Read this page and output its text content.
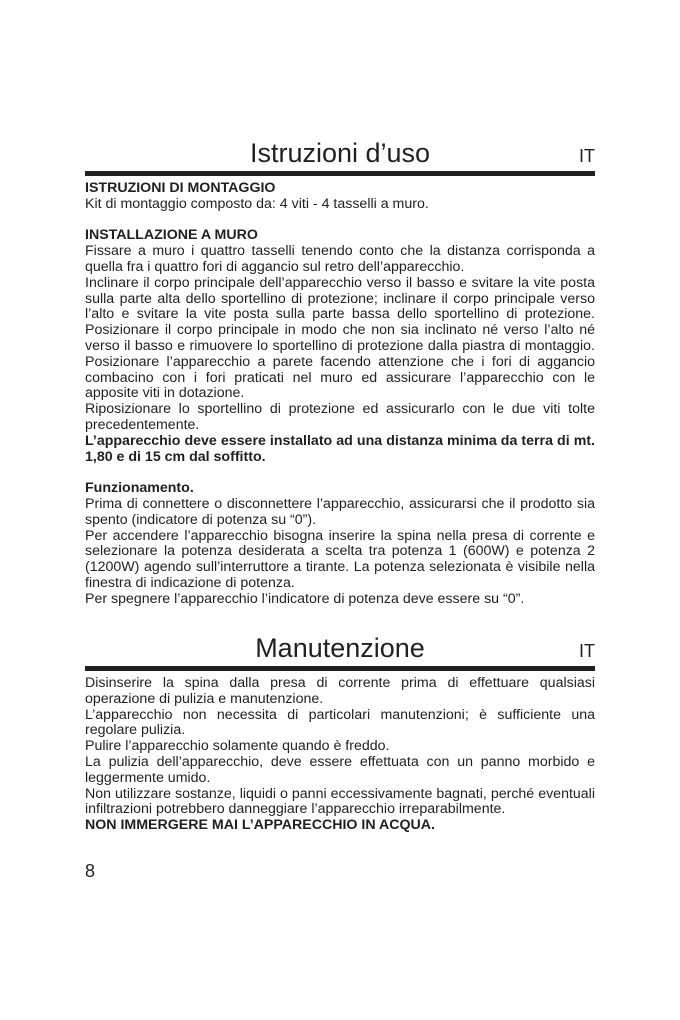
Istruzioni d’uso	IT

ISTRUZIONI DI MONTAGGIO

Kit di montaggio composto da: 4 viti - 4 tasselli a muro.

INSTALLAZIONE A MURO

Fissare a muro i quattro tasselli tenendo conto che la distanza corrisponda a quella fra i quattro fori di aggancio sul retro dell’apparecchio.

Inclinare il corpo principale dell’apparecchio verso il basso e svitare la vite posta sulla parte alta dello sportellino di protezione; inclinare il corpo principale verso l’alto e svitare la vite posta sulla parte bassa dello sportellino di protezione. Posizionare il corpo principale in modo che non sia inclinato né verso l’alto né verso il basso e rimuovere lo sportellino di protezione dalla piastra di montaggio. Posizionare l’apparecchio a parete facendo attenzione che i fori di aggancio combacino con i fori praticati nel muro ed assicurare l’apparecchio con le apposite viti in dotazione.

Riposizionare lo sportellino di protezione ed assicurarlo con le due viti tolte precedentemente.

L’apparecchio deve essere installato ad una distanza minima da terra di mt. 1,80 e di 15 cm dal soffitto.

Funzionamento.

Prima di connettere o disconnettere l’apparecchio, assicurarsi che il prodotto sia spento (indicatore di potenza su “0”).

Per accendere l’apparecchio bisogna inserire la spina nella presa di corrente e selezionare la potenza desiderata a scelta tra potenza 1 (600W) e potenza 2 (1200W) agendo sull’interruttore a tirante. La potenza selezionata è visibile nella finestra di indicazione di potenza.

Per spegnere l’apparecchio l’indicatore di potenza deve essere su “0”.

Manutenzione	IT

Disinserire la spina dalla presa di corrente prima di effettuare qualsiasi operazione di pulizia e manutenzione.

L’apparecchio non necessita di particolari manutenzioni; è sufficiente una regolare pulizia.

Pulire l’apparecchio solamente quando è freddo.

La pulizia dell’apparecchio, deve essere effettuata con un panno morbido e leggermente umido.

Non utilizzare sostanze, liquidi o panni eccessivamente bagnati, perché eventuali infiltrazioni potrebbero danneggiare l’apparecchio irreparabilmente.

NON IMMERGERE MAI L’APPARECCHIO IN ACQUA.

8
